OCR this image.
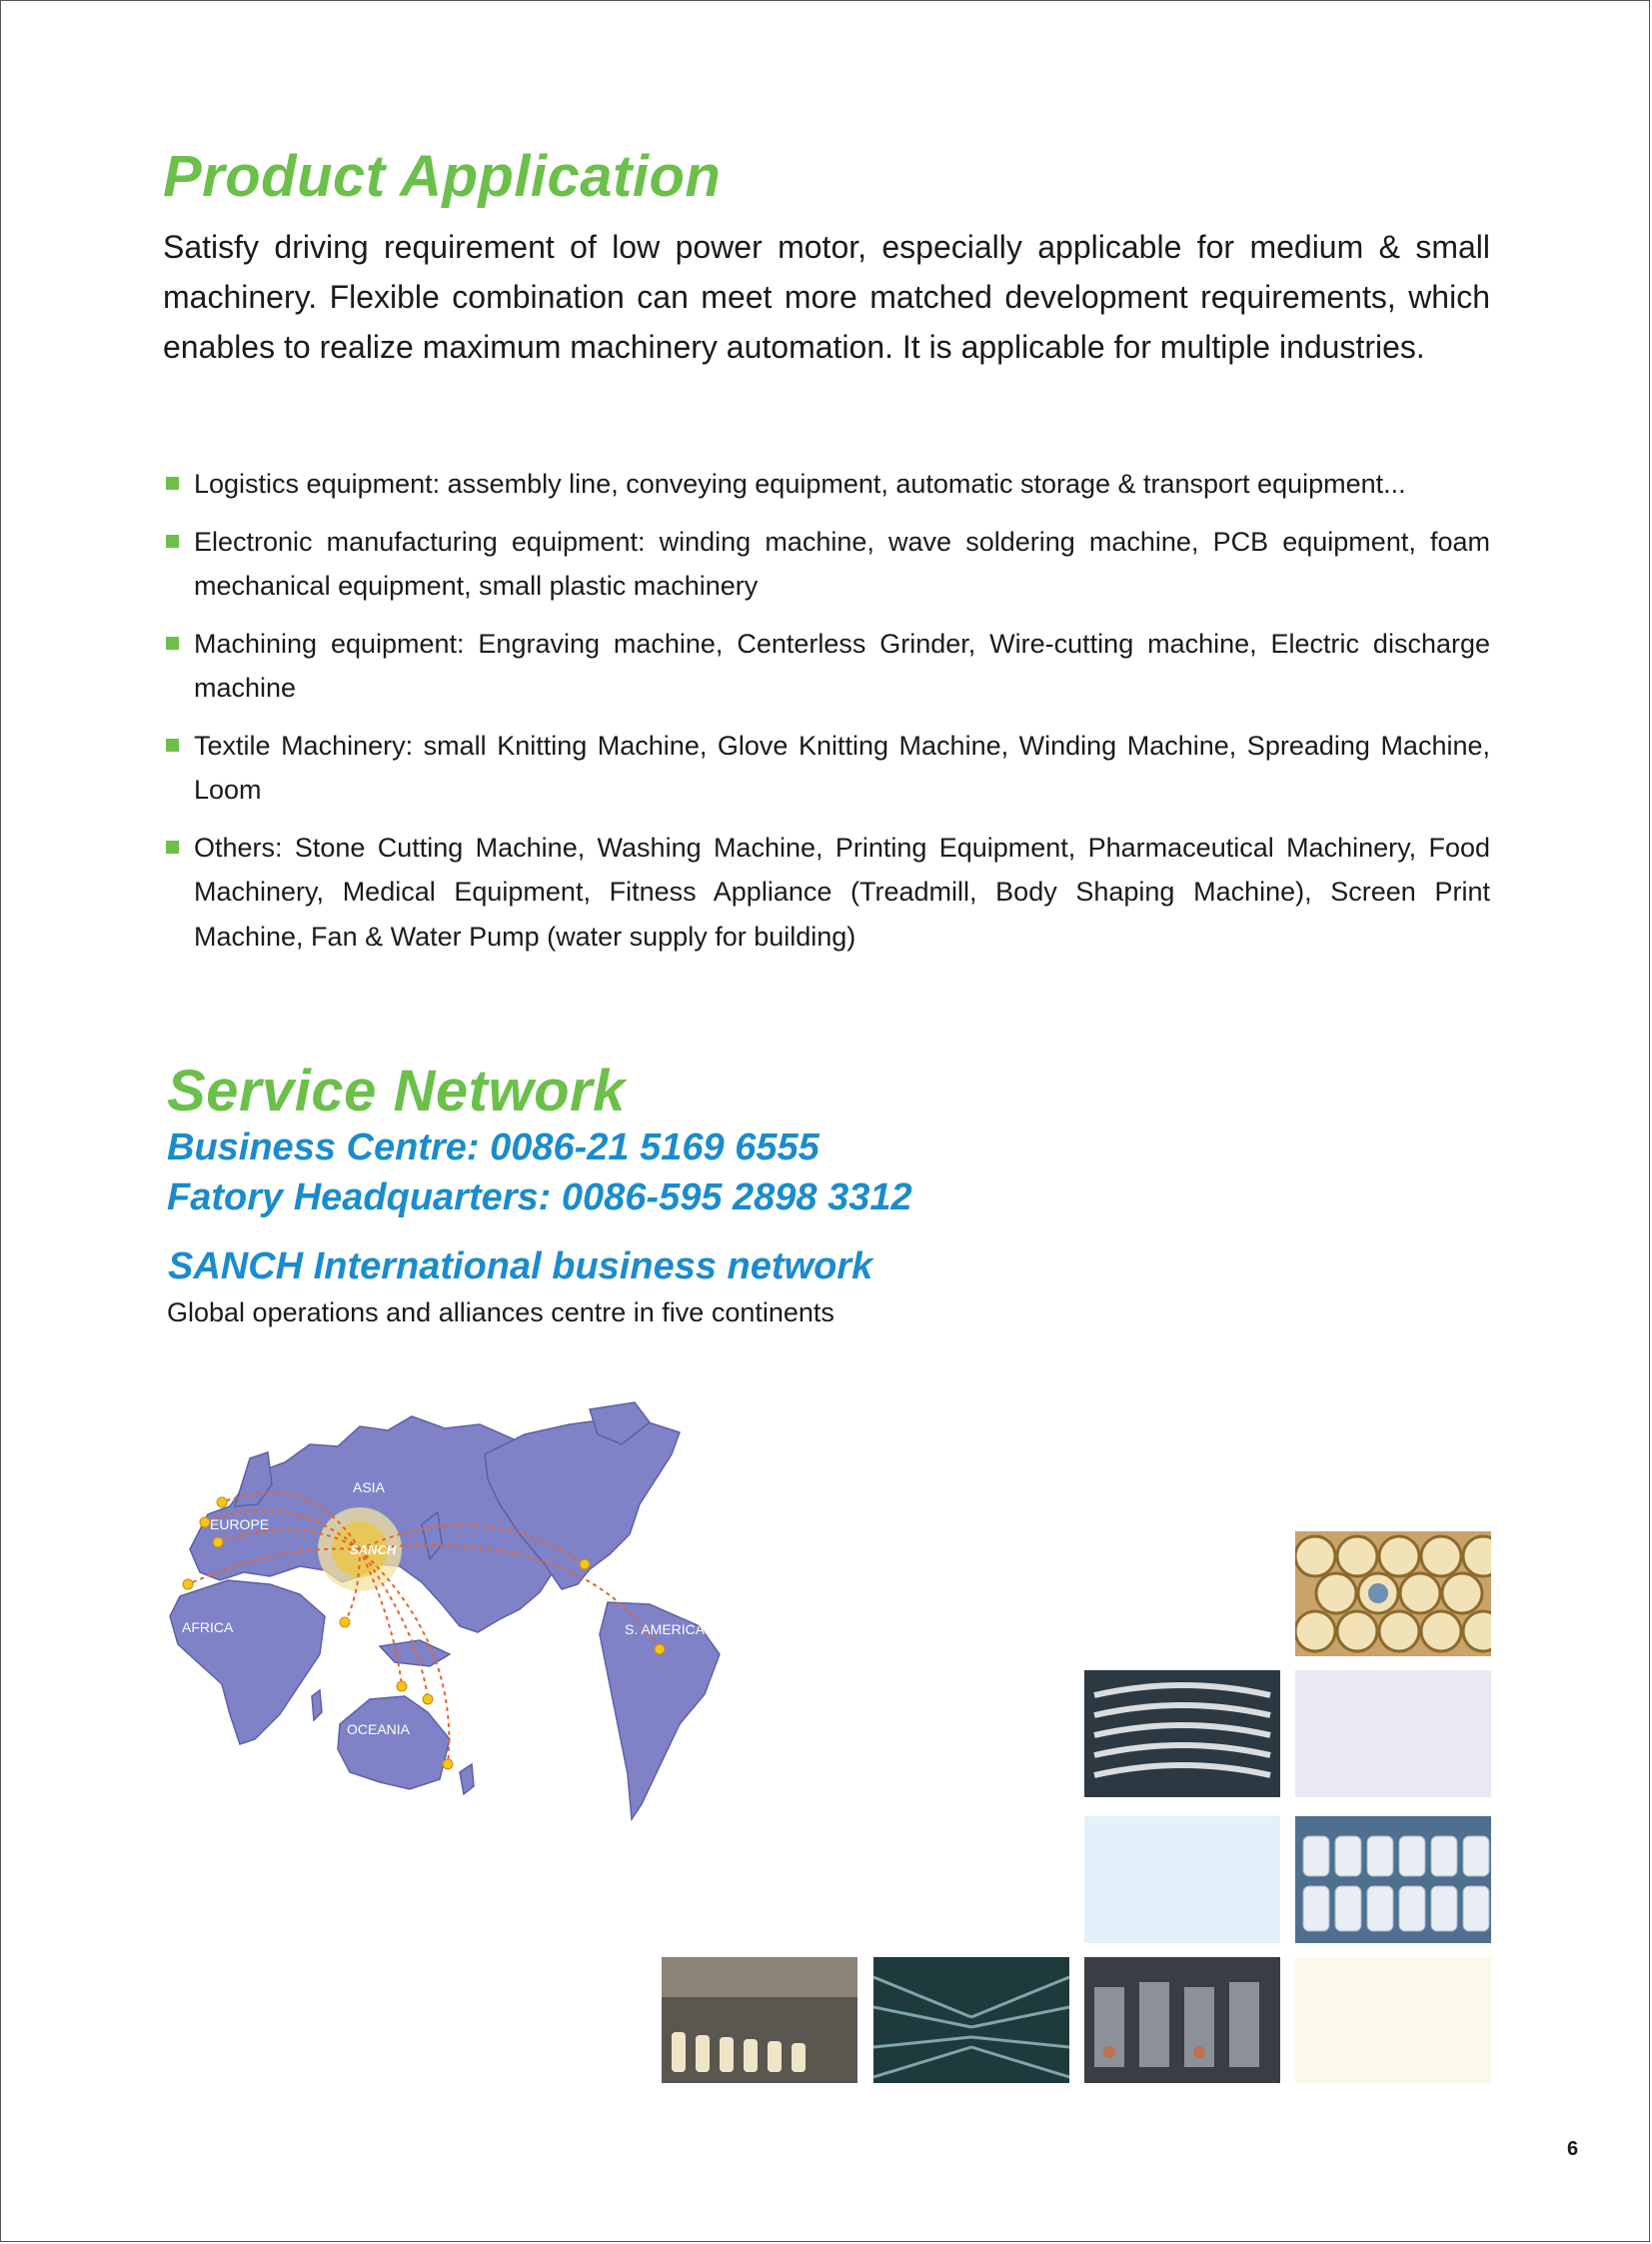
Product Application

Satisfy driving requirement of low power motor, especially applicable for medium & small machinery. Flexible combination can meet more matched development requirements, which enables to realize maximum machinery automation. It is applicable for multiple industries.

Logistics equipment: assembly line, conveying equipment, automatic storage & transport equipment...
Electronic manufacturing equipment: winding machine, wave soldering machine, PCB equipment, foam mechanical equipment, small plastic machinery
Machining equipment: Engraving machine, Centerless Grinder, Wire-cutting machine, Electric discharge machine
Textile Machinery: small Knitting Machine, Glove Knitting Machine, Winding Machine, Spreading Machine, Loom
Others: Stone Cutting Machine, Washing Machine, Printing Equipment, Pharmaceutical Machinery, Food Machinery, Medical Equipment, Fitness Appliance (Treadmill, Body Shaping Machine), Screen Print Machine, Fan & Water Pump (water supply for building)
Service Network

Business Centre: 0086-21 5169 6555

Fatory Headquarters: 0086-595 2898 3312

SANCH International business network

Global operations and alliances centre in five continents

EUROPE
ASIA
AFRICA
OCEANIA
S. AMERICA
SANCH
6
